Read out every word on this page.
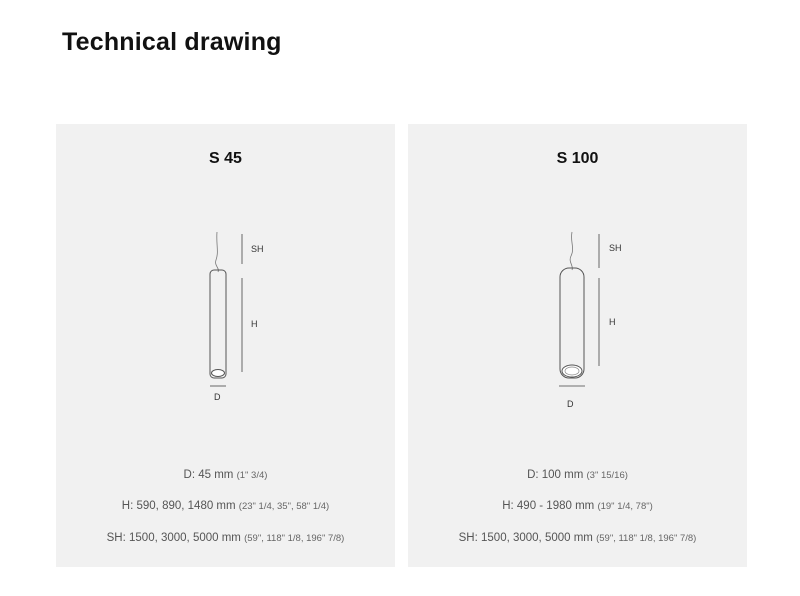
Technical drawing
S 45
SH
H
D
D: 45 mm (1" 3/4)
H: 590, 890, 1480 mm (23" 1/4, 35", 58" 1/4)
SH: 1500, 3000, 5000 mm (59", 118" 1/8, 196" 7/8)
S 100
SH
H
D
D: 100 mm (3" 15/16)
H: 490 - 1980 mm (19" 1/4, 78")
SH: 1500, 3000, 5000 mm (59", 118" 1/8, 196" 7/8)
